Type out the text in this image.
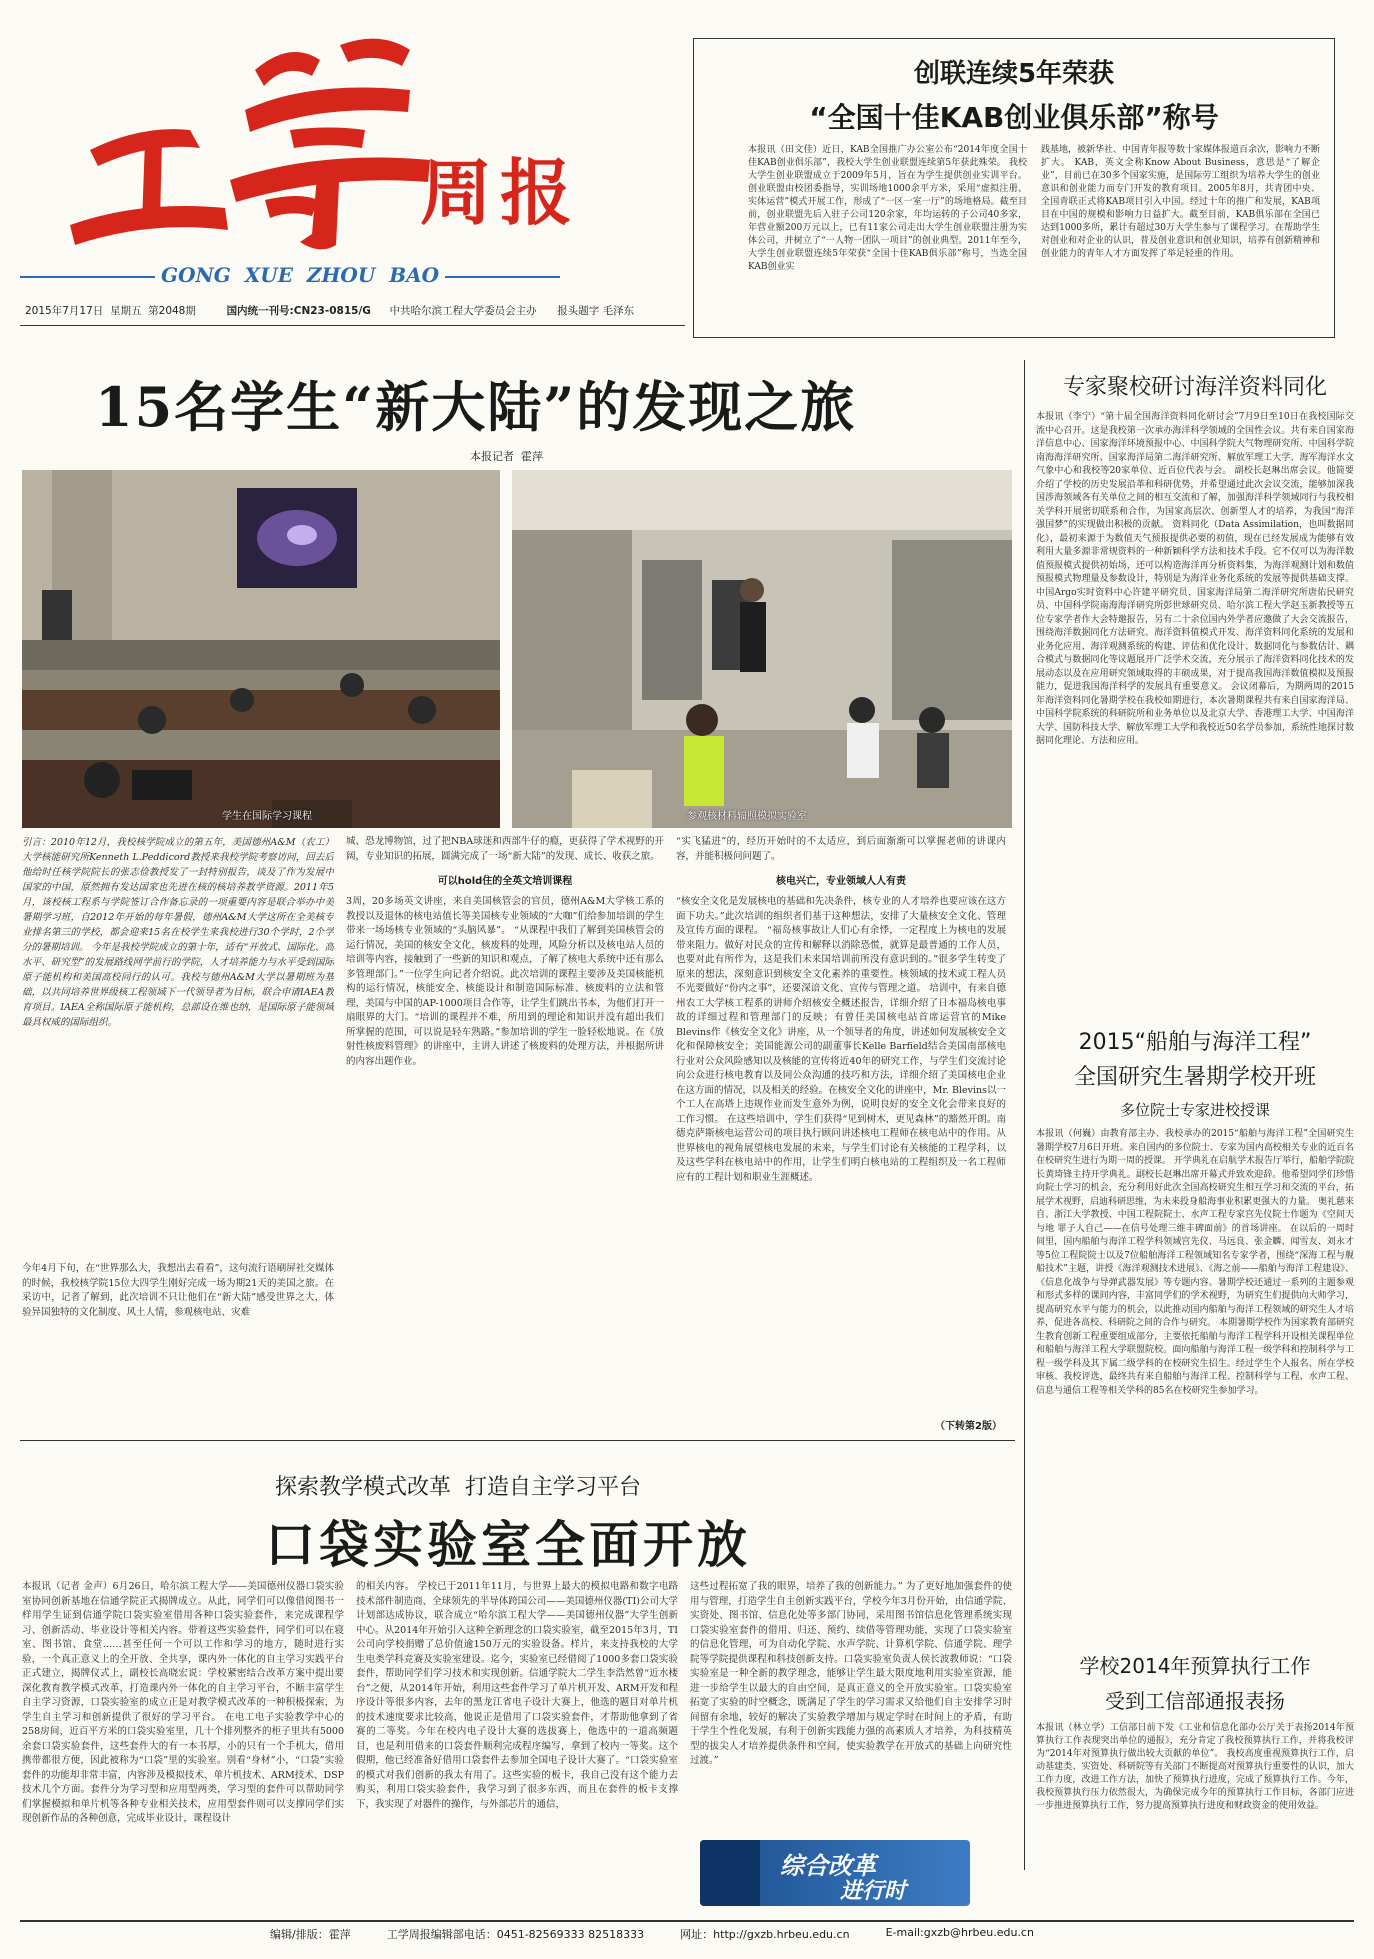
周报
GONG  XUE  ZHOU  BAO
2015年7月17日 星期五 第2048期	国内统一刊号:CN23-0815/G 中共哈尔滨工程大学委员会主办 报头题字 毛泽东
创联连续5年荣获
“全国十佳KAB创业俱乐部”称号
本报讯（田文佳）近日，KAB全国推广办公室公布“2014年度全国十佳KAB创业俱乐部”，我校大学生创业联盟连续第5年获此殊荣。 我校大学生创业联盟成立于2009年5月，旨在为学生提供创业实训平台。创业联盟由校团委指导，实训场地1000余平方米，采用“虚拟注册、实体运营”模式开展工作，形成了“一区一室一厅”的场地格局。截至目前，创业联盟先后入驻子公司120余家，年均运转的子公司40多家，年营业额200万元以上，已有11家公司走出大学生创业联盟注册为实体公司，并树立了“一人物一团队一项目”的创业典型。2011年至今，大学生创业联盟连续5年荣获“全国十佳KAB俱乐部”称号，当选全国KAB创业实
践基地，被新华社、中国青年报等数十家媒体报道百余次，影响力不断扩大。 KAB，英文全称Know About Business，意思是“了解企业”，目前已在30多个国家实施，是国际劳工组织为培养大学生的创业意识和创业能力而专门开发的教育项目。2005年8月，共青团中央、全国青联正式将KAB项目引入中国。经过十年的推广和发展，KAB项目在中国的规模和影响力日益扩大。截至目前，KAB俱乐部在全国已达到1000多所，累计有超过30万大学生参与了课程学习。在帮助学生对创业和对企业的认识，普及创业意识和创业知识，培养有创新精神和创业能力的青年人才方面发挥了举足轻重的作用。
15名学生“新大陆”的发现之旅
本报记者  霍萍
学生在国际学习课程	参观核材料辐照模拟实验室
引言：2010年12月，我校核学院成立的第五年，美国德州A&M（农工）大学核能研究所Kenneth L.Peddicord教授来我校学院考察访问，回去后他给时任核学院院长的张志俭教授发了一封特别报告，谈及了作为发展中国家的中国，原然拥有发达国家也先进在核的核培养教学资源。2011年5月，该校核工程系与学院签订合作备忘录的一项重要内容是联合举办中美暑期学习班，自2012年开始的每年暑假，德州A&M大学这所在全美核专业排名第三的学校，都会迎来15名在校学生来我校进行30个学时，2个学分的暑期培训。 今年是我校学院成立的第十年，适有“开放式、国际化、高水平、研究型”的发展路线网学前行的学院，人才培养能力与水平受到国际原子能机构和美国高校同行的认可。我校与德州A&M大学以暑期班为基础，以共同培养世界级核工程领域下一代领导者为目标，联合申请IAEA教育项目。IAEA全称国际原子能机构，总部设在维也纳，是国际原子能领域最具权威的国际组织。
今年4月下旬，在“世界那么大，我想出去看看”，这句流行语刷屏社交媒体的时候，我校核学院15位大四学生刚好完成一场为期21天的美国之旅。在采访中，记者了解到，此次培训不只让他们在“新大陆”感受世界之大，体验异国独特的文化制度、风土人情，参观核电站、灾难
城、恐龙博物馆，过了把NBA球迷和西部牛仔的瘾，更获得了学术视野的开阔，专业知识的拓展，圆满完成了一场“新大陆”的发现、成长、收获之旅。
可以hold住的全英文培训课程
3周，20多场英文讲座，来自美国核管会的官员，德州A&M大学核工系的教授以及退休的核电站值长等美国核专业领域的“大咖”们给参加培训的学生带来一场场核专业领域的“头脑风暴”。 “从课程中我们了解到美国核管会的运行情况，美国的核安全文化，核废料的处理，风险分析以及核电站人员的培训等内容，接触到了一些新的知识和观点，了解了核电大系统中还有那么多管理部门。”一位学生向记者介绍说。此次培训的课程主要涉及美国核能机构的运行情况，核能安全、核能设计和制造国际标准、核废料的立法和管理，美国与中国的AP-1000项目合作等，让学生们跳出书本，为他们打开一扇眼界的大门。“培训的课程并不难，所用到的理论和知识并没有超出我们所掌握的范围，可以说是轻车熟路。”参加培训的学生一脸轻松地说。在《放射性核废料管理》的讲座中，主讲人讲述了核废料的处理方法，并根据所讲的内容出题作业。
“实飞猛进”的，经历开始时的不太适应，到后面渐渐可以掌握老师的讲课内容，并能积极问问题了。
核电兴亡，专业领域人人有责
“核安全文化是发展核电的基础和先决条件，核专业的人才培养也要应该在这方面下功夫。”此次培训的组织者们基于这种想法，安排了大量核安全文化、管理及宣传方面的课程。 “福岛核事故让人们心有余悸，一定程度上为核电的发展带来阻力。做好对民众的宣传和解释以消除恐慌，就算是最普通的工作人员，也要对此有所作为，这是我们未来国培训前所没有意识到的。”很多学生转变了原来的想法，深刻意识到核安全文化素养的重要性。核领域的技术或工程人员不光要做好“份内之事”，还要深谙文化、宣传与管理之道。 培训中，有来自德州农工大学核工程系的讲师介绍核安全概述报告，详细介绍了日本福岛核电事故的详细过程和管理部门的反映；有曾任美国核电站首席运营官的Mike Blevins作《核安全文化》讲座，从一个领导者的角度，讲述如何发展核安全文化和保障核安全；美国能源公司的副董事长Kelle Barfield结合美国南部核电行业对公众风险感知以及核能的宣传将近40年的研究工作，与学生们交流讨论向公众进行核电教育以及同公众沟通的技巧和方法，详细介绍了美国核电企业在这方面的情况，以及相关的经验。在核安全文化的讲座中，Mr. Blevins以一个工人在高塔上违规作业而发生意外为例，说明良好的安全文化会带来良好的工作习惯。 在这些培训中，学生们获得“见到树木，更见森林”的豁然开朗。南德克萨斯核电运营公司的项目执行顾问讲述核电工程师在核电站中的作用。从世界核电的视角展望核电发展的未来，与学生们讨论有关核能的工程学科，以及这些学科在核电站中的作用，让学生们明白核电站的工程组织及一名工程师应有的工程计划和职业生涯概述。
（下转第2版）
专家聚校研讨海洋资料同化
本报讯（李宁）“第十届全国海洋资料同化研讨会”7月9日至10日在我校国际交流中心召开。这是我校第一次承办海洋科学领域的全国性会议。共有来自国家海洋信息中心、国家海洋环境预报中心、中国科学院大气物理研究所、中国科学院南海海洋研究所、国家海洋局第二海洋研究所、解放军理工大学、海军海洋水文气象中心和我校等20家单位、近百位代表与会。 副校长赵琳出席会议。他简要介绍了学校的历史发展沿革和科研优势，并希望通过此次会议交流，能够加深我国涉海领域各有关单位之间的相互交流和了解，加强海洋科学领域同行与我校相关学科开展密切联系和合作，为国家高层次、创新型人才的培养，为我国“海洋强国梦”的实现做出积极的贡献。 资料同化（Data Assimilation，也叫数据同化），最初来源于为数值天气预报提供必要的初值，现在已经发展成为能够有效利用大量多源非常规资料的一种新颖科学方法和技术手段。它不仅可以为海洋数值预报模式提供初始场，还可以构造海洋再分析资料集，为海洋观测计划和数值预报模式物理量及参数设计，特别是为海洋业务化系统的发展等提供基础支撑。 中国Argo实时资料中心许建平研究员、国家海洋局第二海洋研究所唐佑民研究员、中国科学院南海海洋研究所彭世球研究员、哈尔滨工程大学赵玉新教授等五位专家学者作大会特邀报告，另有二十余位国内外学者应邀做了大会交流报告，围绕海洋数据同化方法研究、海洋资料值模式开发、海洋资料同化系统的发展和业务化应用、海洋观测系统的构建、评估和优化设计、数据同化与参数估计、耦合模式与数据同化等议题展开广泛学术交流，充分展示了海洋资料同化技术的发展动态以及在应用研究领域取得的丰硕成果，对于提高我国海洋数值模拟及预报能力，促进我国海洋科学的发展具有重要意义。 会议闭幕后，为期两周的2015年海洋资料同化暑期学校在我校如期进行，本次暑期课程共有来自国家海洋局、中国科学院系统的科研院所和业务单位以及北京大学、香港理工大学、中国海洋大学、国防科技大学、解放军理工大学和我校近50名学员参加，系统性地探讨数据同化理论、方法和应用。
2015“船舶与海洋工程”
全国研究生暑期学校开班
多位院士专家进校授课
本报讯（何巍）由教育部主办、我校承办的2015“船舶与海洋工程”全国研究生暑期学校7月6日开班。来自国内的多位院士、专家为国内高校相关专业的近百名在校研究生进行为期一周的授课。 开学典礼在启航学术报告厅举行，船舶学院院长黄琦锋主持开学典礼。副校长赵琳出席开幕式并致欢迎辞。他希望同学们珍惜向院士学习的机会，充分利用好此次全国高校研究生相互学习和交流的平台，拓展学术视野，启迪科研思维，为未来投身船海事业积累更强大的力量。 奥礼慈来自、浙江大学教授、中国工程院院士、水声工程专家宫先仪院士作题为《空间天与地 罪子人自己——在信号处理三维丰碑面前》的首场讲座。 在以后的一周时间里，国内船舶与海洋工程学科领域宫先仪、马远良、张金麟、闻雪友、刘永才等5位工程院院士以及7位船舶海洋工程领域知名专家学者，围绕“深海工程与舰船技术”主题，讲授《海洋观测技术进展》、《海之前——船舶与海洋工程建设》、《信息化战争与导弹武器发展》等专题内容。暑期学校还通过一系列的主题参观和形式多样的课间内容，丰富同学们的学术视野，为研究生们提供向大师学习，提高研究水平与能力的机会，以此推动国内船舶与海洋工程领域的研究生人才培养，促进各高校、科研院之间的合作与研究。 本期暑期学校作为国家教育部研究生教育创新工程重要组成部分，主要依托船舶与海洋工程学科开设相关课程单位和船舶与海洋工程大学联盟院校。面向船舶与海洋工程一级学科和控制科学与工程一级学科及其下属二级学科的在校研究生招生。经过学生个人报名、所在学校审核、我校评选，最终共有来自船舶与海洋工程、控制科学与工程、水声工程、信息与通信工程等相关学科的85名在校研究生参加学习。
学校2014年预算执行工作
受到工信部通报表扬
本报讯（林立学）工信部日前下发《工业和信息化部办公厅关于表扬2014年预算执行工作表现突出单位的通报》，充分肯定了我校预算执行工作，并将我校评为“2014年对预算执行做出较大贡献的单位”。 我校高度重视预算执行工作，启动基建类、实资处、科研院等有关部门不断提高对预算执行重要性的认识，加大工作力度，改进工作方法，加快了预算执行进度，完成了预算执行工作。今年，我校预算执行压力依然很大，为确保完成今年的预算执行工作目标，各部门应进一步推进预算执行工作，努力提高预算执行进度和财政资金的使用效益。
探索教学模式改革  打造自主学习平台
口袋实验室全面开放
本报讯（记者 金声）6月26日，哈尔滨工程大学——美国德州仪器口袋实验室协同创新基地在信通学院正式揭牌成立。从此，同学们可以像借阅图书一样用学生证到信通学院口袋实验室借用各种口袋实验套件，来完成课程学习、创新活动、毕业设计等相关内容。带着这些实验套件，同学们可以在寝室、图书馆、食堂……甚至任何一个可以工作和学习的地方，随时进行实验，一个真正意义上的全开放、全共享，课内外一体化的自主学习实践平台正式建立，揭牌仪式上，副校长高晓宏说：学校紧密结合改革方案中提出要深化教育教学模式改革，打造课内外一体化的自主学习平台，不断丰富学生自主学习资源，口袋实验室的成立正是对教学模式改革的一种积极探索，为学生自主学习和创新提供了很好的学习平台。 在电工电子实验教学中心的258房间，近百平方米的口袋实验室里，几十个排列整齐的柜子里共有5000余套口袋实验套件，这些套件大的有一本书厚，小的只有一个手机大，借用携带都很方便，因此被称为“口袋”里的实验室。别看“身材”小，“口袋”实验套件的功能却非常丰富，内容涉及模拟技术、单片机技术、ARM技术、DSP技术几个方面。套件分为学习型和应用型两类，学习型的套件可以帮助同学们掌握模拟和单片机等各种专业相关技术，应用型套件则可以支撑同学们实现创新作品的各种创意，完成毕业设计，课程设计
的相关内容。 学校已于2011年11月，与世界上最大的模拟电路和数字电路技术部件制造商、全球领先的半导体跨国公司——美国德州仪器(TI)公司大学计划部达成协议，联合成立“哈尔滨工程大学——美国德州仪器”大学生创新中心。从2014年开始引入这种全新理念的口袋实验室，截至2015年3月，TI公司向学校捐赠了总价值逾150万元的实验设备。样片，来支持我校的大学生电类学科竞赛及实验室建设。迄今，实验室已经借阅了1000多套口袋实验套件，帮助同学们学习技术和实现创新。信通学院大二学生李浩然曾“近水楼台”之便，从2014年开始，利用这些套件学习了单片机开发、ARM开发和程序设计等很多内容，去年的黑龙江省电子设计大赛上，他选的题目对单片机的技术速度要求比较高，他说正是借用了口袋实验套件，才帮助他拿到了省赛的二等奖。今年在校内电子设计大赛的选拔赛上，他选中的一道高频题目，也是利用借来的口袋套件顺利完成程序编写，拿到了校内一等奖。这个假期，他已经准备好借用口袋套件去参加全国电子设计大赛了。“口袋实验室的模式对我们创新的我太有用了。这些实验的板卡，我自己没有这个能力去购买，利用口袋实验套件，我学习到了很多东西，而且在套件的板卡支撑下，我实现了对器件的操作，与外部芯片的通信，
这些过程拓宽了我的眼界，培养了我的创新能力。” 为了更好地加强套件的使用与管理，打造学生自主创新实践平台，学校今年3月份开始，由信通学院、实资处、图书馆、信息化处等多部门协同，采用图书馆信息化管理系统实现口袋实验室套件的借用、归还、预约、续借等管理功能，实现了口袋实验室的信息化管理，可为自动化学院、水声学院、计算机学院、信通学院、理学院等学院提供课程和科技创新支持。口袋实验室负责人侯长波教师说：“口袋实验室是一种全新的教学理念，能够让学生最大限度地利用实验室资源，能进一步给学生以最大的自由空间，是真正意义的全开放实验室。口袋实验室拓宽了实验的时空概念，既满足了学生的学习需求又给他们自主安排学习时间留有余地，较好的解决了实验教学增加与规定学时在时间上的矛盾，有助于学生个性化发展，有利于创新实践能力强的高素质人才培养，为科技精英型的拔尖人才培养提供条件和空间，使实验教学在开放式的基础上向研究性过渡。”
综合改革
进行时
编辑/排版：霍萍	工学周报编辑部电话：0451-82569333 82518333	网址：http://gxzb.hrbeu.edu.cn	E-mail:gxzb@hrbeu.edu.cn
